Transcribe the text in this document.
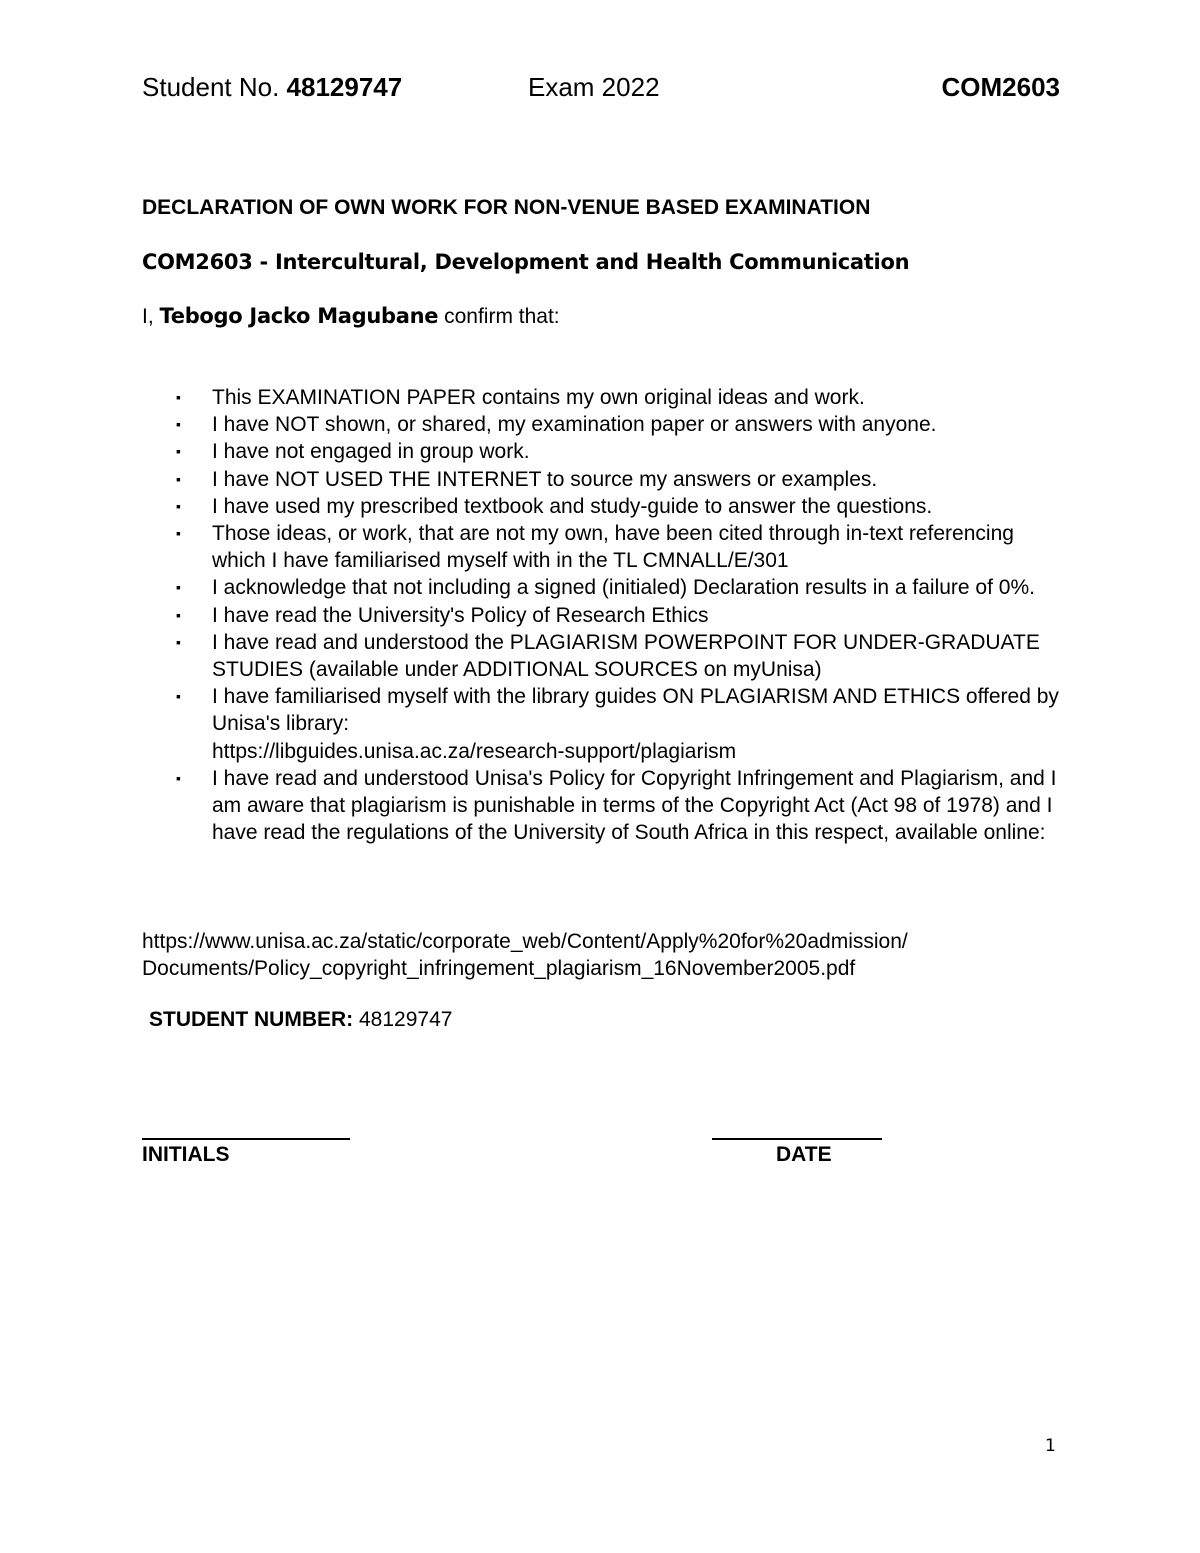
Student No. 48129747	Exam 2022	COM2603
DECLARATION OF OWN WORK FOR NON-VENUE BASED EXAMINATION
COM2603 - Intercultural, Development and Health Communication
I, Tebogo Jacko Magubane confirm that:
▪ This EXAMINATION PAPER contains my own original ideas and work.
▪ I have NOT shown, or shared, my examination paper or answers with anyone.
▪ I have not engaged in group work.
▪ I have NOT USED THE INTERNET to source my answers or examples.
▪ I have used my prescribed textbook and study-guide to answer the questions.
▪ Those ideas, or work, that are not my own, have been cited through in-text referencing which I have familiarised myself with in the TL CMNALL/E/301
▪ I acknowledge that not including a signed (initialed) Declaration results in a failure of 0%.
▪ I have read the University's Policy of Research Ethics
▪ I have read and understood the PLAGIARISM POWERPOINT FOR UNDER-GRADUATE STUDIES (available under ADDITIONAL SOURCES on myUnisa)
▪ I have familiarised myself with the library guides ON PLAGIARISM AND ETHICS offered by Unisa's library:
https://libguides.unisa.ac.za/research-support/plagiarism
▪ I have read and understood Unisa's Policy for Copyright Infringement and Plagiarism, and I am aware that plagiarism is punishable in terms of the Copyright Act (Act 98 of 1978) and I have read the regulations of the University of South Africa in this respect, available online:
https://www.unisa.ac.za/static/corporate_web/Content/Apply%20for%20admission/
Documents/Policy_copyright_infringement_plagiarism_16November2005.pdf
STUDENT NUMBER: 48129747
INITIALS	DATE
1
